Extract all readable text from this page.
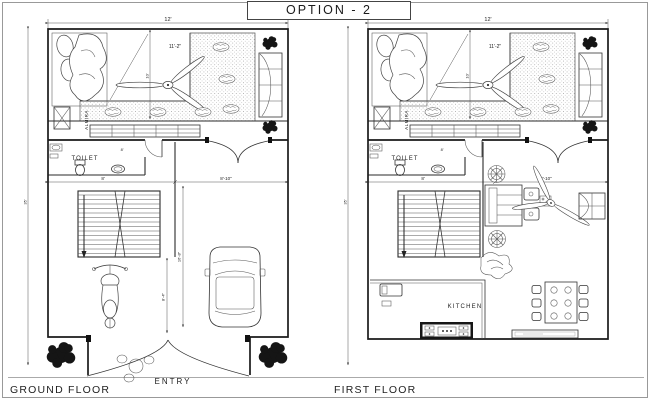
OPTION - 2
GROUND FLOOR	FIRST FLOOR
12'
10'
11'-2"
ALMIRA
TOILET
8'-10"
35'
16'-8"
8'-4"
ENTRY
KITCHEN
